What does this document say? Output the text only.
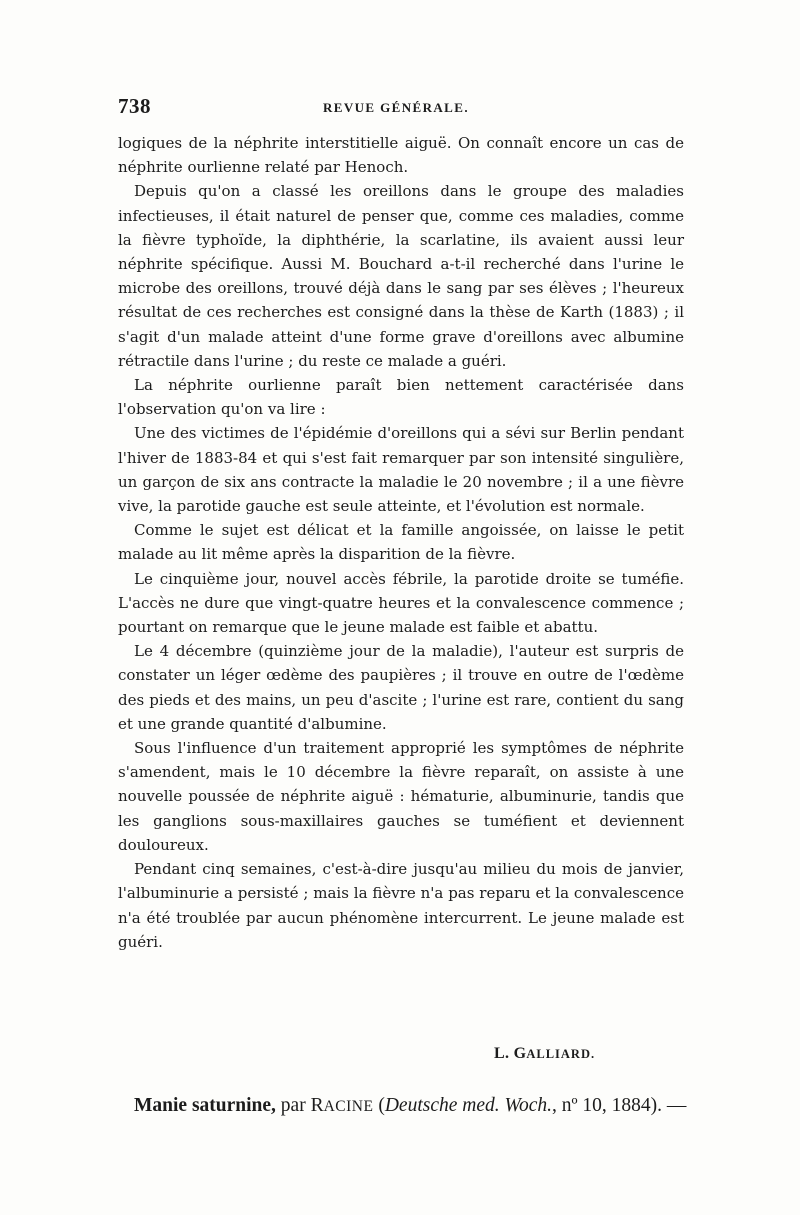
738	REVUE GÉNÉRALE.

logiques de la néphrite interstitielle aiguë. On connaît encore un cas de néphrite ourlienne relaté par Henoch.

Depuis qu'on a classé les oreillons dans le groupe des maladies infectieuses, il était naturel de penser que, comme ces maladies, comme la fièvre typhoïde, la diphthérie, la scarlatine, ils avaient aussi leur néphrite spécifique. Aussi M. Bouchard a-t-il recherché dans l'urine le microbe des oreillons, trouvé déjà dans le sang par ses élèves ; l'heureux résultat de ces recherches est consigné dans la thèse de Karth (1883) ; il s'agit d'un malade atteint d'une forme grave d'oreillons avec albumine rétractile dans l'urine ; du reste ce malade a guéri.

La néphrite ourlienne paraît bien nettement caractérisée dans l'observation qu'on va lire :

Une des victimes de l'épidémie d'oreillons qui a sévi sur Berlin pendant l'hiver de 1883-84 et qui s'est fait remarquer par son intensité singulière, un garçon de six ans contracte la maladie le 20 novembre ; il a une fièvre vive, la parotide gauche est seule atteinte, et l'évolution est normale.

Comme le sujet est délicat et la famille angoissée, on laisse le petit malade au lit même après la disparition de la fièvre.

Le cinquième jour, nouvel accès fébrile, la parotide droite se tuméfie. L'accès ne dure que vingt-quatre heures et la convalescence commence ; pourtant on remarque que le jeune malade est faible et abattu.

Le 4 décembre (quinzième jour de la maladie), l'auteur est surpris de constater un léger œdème des paupières ; il trouve en outre de l'œdème des pieds et des mains, un peu d'ascite ; l'urine est rare, contient du sang et une grande quantité d'albumine.

Sous l'influence d'un traitement approprié les symptômes de néphrite s'amendent, mais le 10 décembre la fièvre reparaît, on assiste à une nouvelle poussée de néphrite aiguë : hématurie, albuminurie, tandis que les ganglions sous-maxillaires gauches se tuméfient et deviennent douloureux.

Pendant cinq semaines, c'est-à-dire jusqu'au milieu du mois de janvier, l'albuminurie a persisté ; mais la fièvre n'a pas reparu et la convalescence n'a été troublée par aucun phénomène intercurrent. Le jeune malade est guéri.

L. GALLIARD.
Manie saturnine, par RACINE (Deutsche med. Woch., nº 10, 1884). —
